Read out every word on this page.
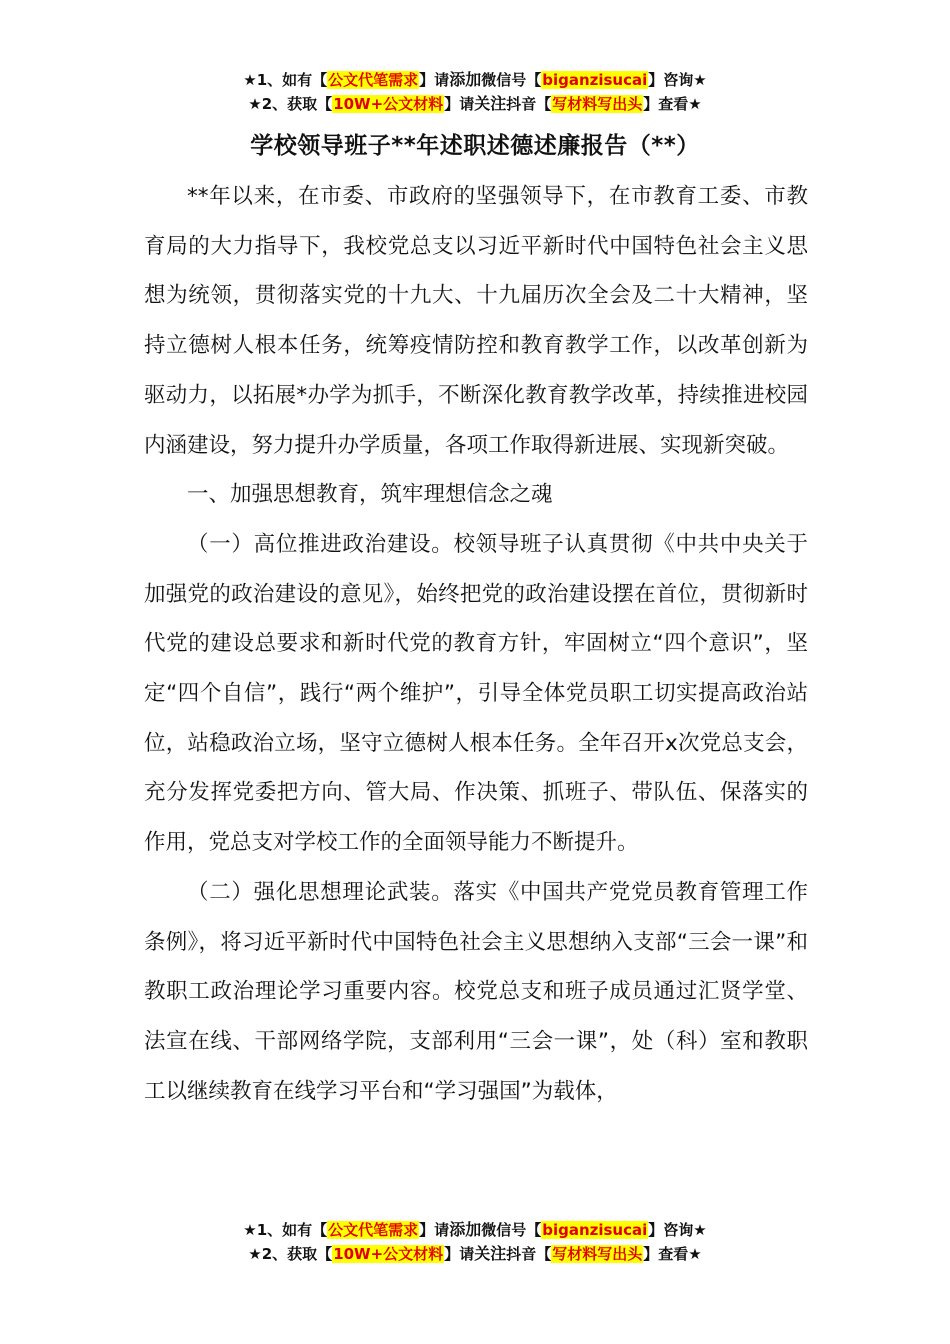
★1、如有【公文代笔需求】请添加微信号【biganzisucai】咨询★
★2、获取【10W+公文材料】请关注抖音【写材料写出头】查看★
学校领导班子**年述职述德述廉报告（**）

**年以来，在市委、市政府的坚强领导下，在市教育工委、市教育局的大力指导下，我校党总支以习近平新时代中国特色社会主义思想为统领，贯彻落实党的十九大、十九届历次全会及二十大精神，坚持立德树人根本任务，统筹疫情防控和教育教学工作，以改革创新为驱动力，以拓展*办学为抓手，不断深化教育教学改革，持续推进校园内涵建设，努力提升办学质量，各项工作取得新进展、实现新突破。

一、加强思想教育，筑牢理想信念之魂

（一）高位推进政治建设。校领导班子认真贯彻《中共中央关于加强党的政治建设的意见》，始终把党的政治建设摆在首位，贯彻新时代党的建设总要求和新时代党的教育方针，牢固树立“四个意识”，坚定“四个自信”，践行“两个维护”，引导全体党员职工切实提高政治站位，站稳政治立场，坚守立德树人根本任务。全年召开x次党总支会，充分发挥党委把方向、管大局、作决策、抓班子、带队伍、保落实的作用，党总支对学校工作的全面领导能力不断提升。

（二）强化思想理论武装。落实《中国共产党党员教育管理工作条例》，将习近平新时代中国特色社会主义思想纳入支部“三会一课”和教职工政治理论学习重要内容。校党总支和班子成员通过汇贤学堂、法宣在线、干部网络学院，支部利用“三会一课”，处（科）室和教职工以继续教育在线学习平台和“学习强国”为载体，

★1、如有【公文代笔需求】请添加微信号【biganzisucai】咨询★
★2、获取【10W+公文材料】请关注抖音【写材料写出头】查看★
